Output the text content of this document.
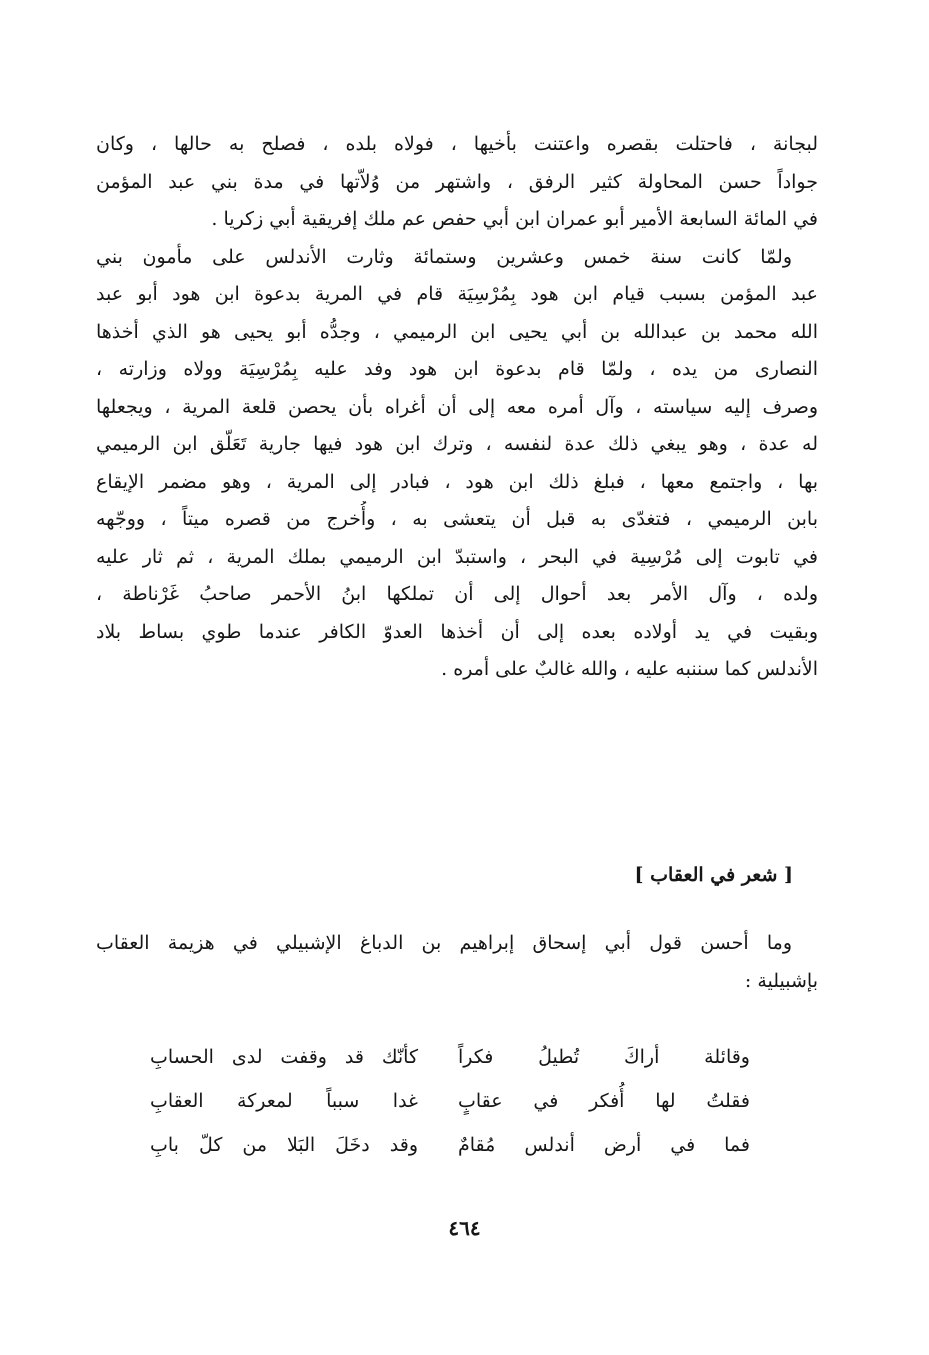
لبجانة ، فاحتلت بقصره واعتنت بأخيها ، فولاه بلده ، فصلح به حالها ، وكان
جواداً حسن المحاولة كثير الرفق ، واشتهر من وُلاّتها في مدة بني عبد المؤمن
في المائة السابعة الأمير أبو عمران ابن أبي حفص عم ملك إفريقية أبي زكريا .
ولمّا كانت سنة خمس وعشرين وستمائة وثارت الأندلس على مأمون بني
عبد المؤمن بسبب قيام ابن هود بِمُرْسِيَة قام في المرية بدعوة ابن هود أبو عبد
الله محمد بن عبدالله بن أبي يحيى ابن الرميمي ، وجدُّه أبو يحيى هو الذي أخذها
النصارى من يده ، ولمّا قام بدعوة ابن هود وفد عليه بِمُرْسِيَة وولاه وزارته ،
وصرف إليه سياسته ، وآل أمره معه إلى أن أغراه بأن يحصن قلعة المرية ، ويجعلها
له عدة ، وهو يبغي ذلك عدة لنفسه ، وترك ابن هود فيها جارية تَعَلّق ابن الرميمي
بها ، واجتمع معها ، فبلغ ذلك ابن هود ، فبادر إلى المرية ، وهو مضمر الإيقاع
بابن الرميمي ، فتغدّى به قبل أن يتعشى به ، وأُخرج من قصره ميتاً ، ووجّهه
في تابوت إلى مُرْسِية في البحر ، واستبدّ ابن الرميمي بملك المرية ، ثم ثار عليه
ولده ، وآل الأمر بعد أحوال إلى أن تملكها ابنُ الأحمر صاحبُ غَرْناطة ،
وبقيت في يد أولاده بعده إلى أن أخذها العدوّ الكافر عندما طوي بساط بلاد
الأندلس كما سننبه عليه ، والله غالبٌ على أمره .
[ شعر في العقاب ]
وما أحسن قول أبي إسحاق إبراهيم بن الدباغ الإشبيلي في هزيمة العقاب
بإشبيلية :
وقائلة أراكَ تُطيلُ فكراً
كأنّك قد وقفت لدى الحسابِ
فقلتُ لها أُفكر في عقابٍ
غدا سبباً لمعركة العقابِ
فما في أرض أندلس مُقامٌ
وقد دخَلَ البَلا من كلّ بابِ
٤٦٤
